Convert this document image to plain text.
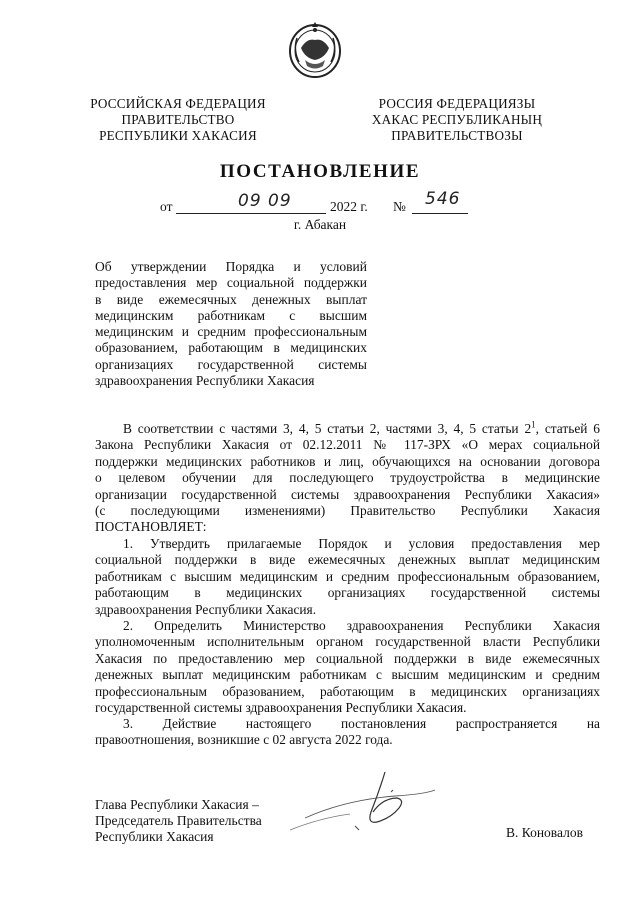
РОССИЙСКАЯ ФЕДЕРАЦИЯ
ПРАВИТЕЛЬСТВО
РЕСПУБЛИКИ ХАКАСИЯ
РОССИЯ ФЕДЕРАЦИЯЗЫ
ХАКАС РЕСПУБЛИКАНЫҢ
ПРАВИТЕЛЬСТВОЗЫ
ПОСТАНОВЛЕНИЕ
от	09 09	2022 г. № 546
г. Абакан
Об утверждении Порядка и условий
предоставления мер социальной поддержки
в виде ежемесячных денежных выплат
медицинским работникам с высшим
медицинским и средним профессиональным
образованием, работающим в медицинских
организациях государственной системы
здравоохранения Республики Хакасия
В соответствии с частями 3, 4, 5 статьи 2, частями 3, 4, 5 статьи $2^1$, статьей 6
Закона Республики Хакасия от 02.12.2011 № 117-ЗРХ «О мерах социальной
поддержки медицинских работников и лиц, обучающихся на основании договора
о целевом обучении для последующего трудоустройства в медицинские
организации государственной системы здравоохранения Республики Хакасия»
(с последующими изменениями) Правительство Республики Хакасия
ПОСТАНОВЛЯЕТ:
1. Утвердить прилагаемые Порядок и условия предоставления мер
социальной поддержки в виде ежемесячных денежных выплат медицинским
работникам с высшим медицинским и средним профессиональным образованием,
работающим в медицинских организациях государственной системы
здравоохранения Республики Хакасия.
2. Определить Министерство здравоохранения Республики Хакасия
уполномоченным исполнительным органом государственной власти Республики
Хакасия по предоставлению мер социальной поддержки в виде ежемесячных
денежных выплат медицинским работникам с высшим медицинским и средним
профессиональным образованием, работающим в медицинских организациях
государственной системы здравоохранения Республики Хакасия.
3. Действие настоящего постановления распространяется на
правоотношения, возникшие с 02 августа 2022 года.
Глава Республики Хакасия –
Председатель Правительства
Республики Хакасия	В. Коновалов
